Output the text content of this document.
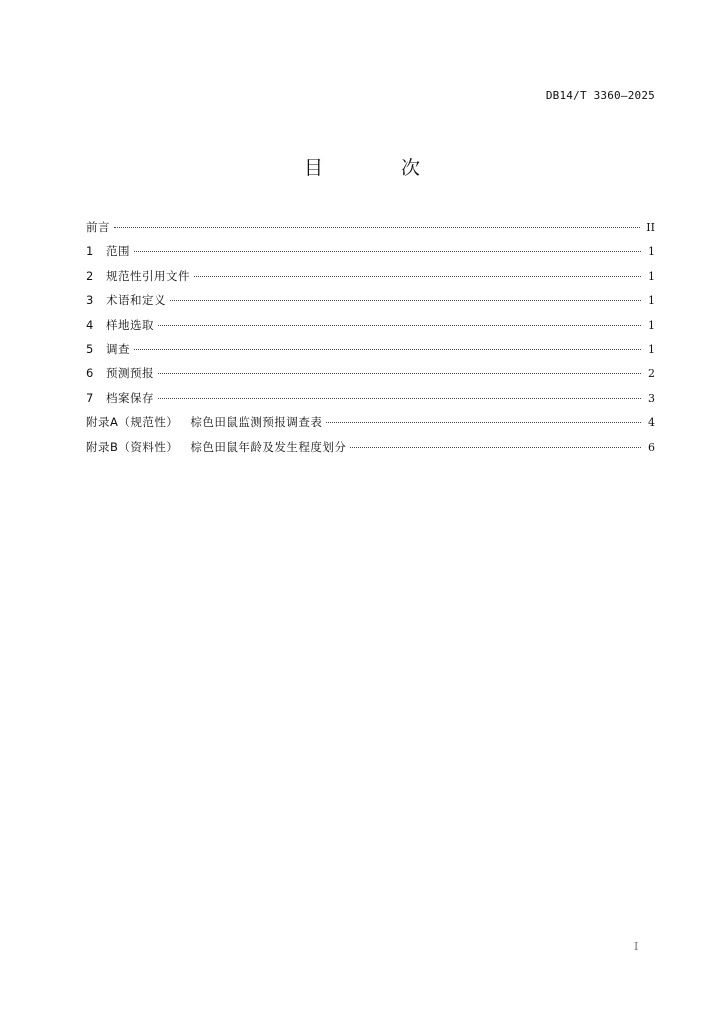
DB14/T 3360—2025
目 次
前言	II
1	范围	1
2	规范性引用文件	1
3	术语和定义	1
4	样地选取	1
5	调查	1
6	预测预报	2
7	档案保存	3
附录A（规范性） 棕色田鼠监测预报调查表	4
附录B（资料性） 棕色田鼠年龄及发生程度划分	6
I
